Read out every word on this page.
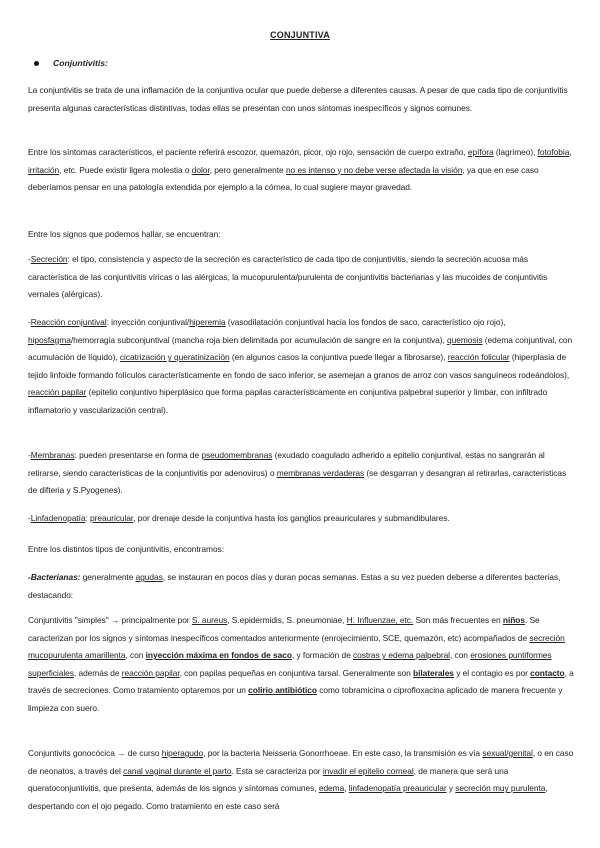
CONJUNTIVA
Conjuntivitis:
La conjuntivitis se trata de una inflamación de la conjuntiva ocular que puede deberse a diferentes causas. A pesar de que cada tipo de conjuntivitis presenta algunas características distintivas, todas ellas se presentan con unos síntomas inespecíficos y signos comunes.
Entre los síntomas característicos, el paciente referirá escozor, quemazón, picor, ojo rojo, sensación de cuerpo extraño, epífora (lagrimeo), fotofobia, irritación, etc. Puede existir ligera molestia o dolor, pero generalmente no es intenso y no debe verse afectada la visión, ya que en ese caso deberíamos pensar en una patología extendida por ejemplo a la córnea, lo cual sugiere mayor gravedad.
Entre los signos que podemos hallar, se encuentran:
-Secreción: el tipo, consistencia y aspecto de la secreción es característico de cada tipo de conjuntivitis, siendo la secreción acuosa más característica de las conjuntivitis víricas o las alérgicas, la mucopurulenta/purulenta de conjuntivitis bacterianas y las mucoides de conjuntivitis vernales (alérgicas).
-Reacción conjuntival: inyección conjuntival/hiperemia (vasodilatación conjuntival hacia los fondos de saco, característico ojo rojo), hiposfagma/hemorragia subconjuntival (mancha roja bien delimitada por acumulación de sangre en la conjuntiva), quemosis (edema conjuntival, con acumulación de líquido), cicatrización y queratinización (en algunos casos la conjuntiva puede llegar a fibrosarse), reacción folicular (hiperplasia de tejido linfoide formando folículos característicamente en fondo de saco inferior, se asemejan a granos de arroz con vasos sanguíneos rodeándolos), reacción papilar (epitelio conjuntivo hiperplásico que forma papilas característicamente en conjuntiva palpebral superior y limbar, con infiltrado inflamatorio y vascularización central).
-Membranas: pueden presentarse en forma de pseudomembranas (exudado coagulado adherido a epitelio conjuntival, estas no sangrarán al retirarse, siendo características de la conjuntivitis por adenovirus) o membranas verdaderas (se desgarran y desangran al retirarlas, características de difteria y S.Pyogenes).
-Linfadenopatía: preauricular, por drenaje desde la conjuntiva hasta los ganglios preauriculares y submandibulares.
Entre los distintos tipos de conjuntivitis, encontramos:
-Bacterianas: generalmente agudas, se instauran en pocos días y duran pocas semanas. Estas a su vez pueden deberse a diferentes bacterias, destacando:
Conjuntivitis "simples" → principalmente por S. aureus, S.epidermidis, S. pneumoniae, H. Influenzae, etc. Son más frecuentes en niños. Se caracterizan por los signos y síntomas inespecíficos comentados anteriormente (enrojecimiento, SCE, quemazón, etc) acompañados de secreción mucopurulenta amarillenta, con inyección máxima en fondos de saco, y formación de costras y edema palpebral, con erosiones puntiformes superficiales, además de reacción papilar, con papilas pequeñas en conjuntiva tarsal. Generalmente son bilaterales y el contagio es por contacto, a través de secreciones. Como tratamiento optaremos por un colirio antibiótico como tobramicina o ciprofloxacina aplicado de manera frecuente y limpieza con suero.
Conjuntivits gonocócica → de curso hiperagudo, por la bacteria Neisseria Gonorrhoeae. En este caso, la transmisión es vía sexual/genital, o en caso de neonatos, a través del canal vaginal durante el parto. Esta se caracteriza por invadir el epitelio corneal, de manera que será una queratoconjuntivitis, que presenta, además de los signos y síntomas comunes, edema, linfadenopatía preauricular y secreción muy purulenta, despertando con el ojo pegado. Como tratamiento en este caso será
